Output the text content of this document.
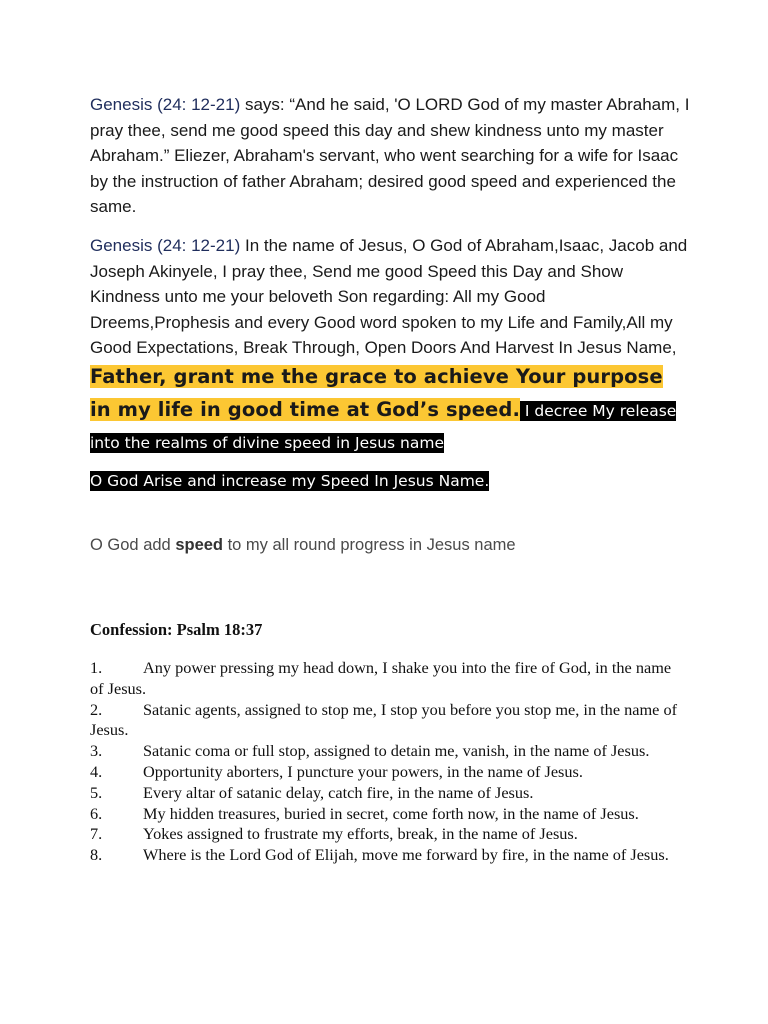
Genesis (24: 12-21) says: “And he said, 'O LORD God of my master Abraham, I pray thee, send me good speed this day and shew kindness unto my master Abraham.” Eliezer, Abraham's servant, who went searching for a wife for Isaac by the instruction of father Abraham; desired good speed and experienced the same.
Genesis (24: 12-21) In the name of Jesus, O God of Abraham,Isaac, Jacob and Joseph Akinyele, I pray thee, Send me good Speed this Day and Show Kindness unto me your beloveth Son regarding: All my Good Dreems,Prophesis and every Good word spoken to my Life and Family,All my Good Expectations, Break Through, Open Doors And Harvest In Jesus Name, Father, grant me the grace to achieve Your purpose in my life in good time at God’s speed. I decree My release into the realms of divine speed in Jesus name
O God Arise and increase my Speed In Jesus Name.
O God add speed to my all round progress in Jesus name
Confession: Psalm 18:37
1.	Any power pressing my head down, I shake you into the fire of God, in the name of Jesus.
2.	Satanic agents, assigned to stop me, I stop you before you stop me, in the name of Jesus.
3.	Satanic coma or full stop, assigned to detain me, vanish, in the name of Jesus.
4.	Opportunity aborters, I puncture your powers, in the name of Jesus.
5.	Every altar of satanic delay, catch fire, in the name of Jesus.
6.	My hidden treasures, buried in secret, come forth now, in the name of Jesus.
7.	Yokes assigned to frustrate my efforts, break, in the name of Jesus.
8.	Where is the Lord God of Elijah, move me forward by fire, in the name of Jesus.
